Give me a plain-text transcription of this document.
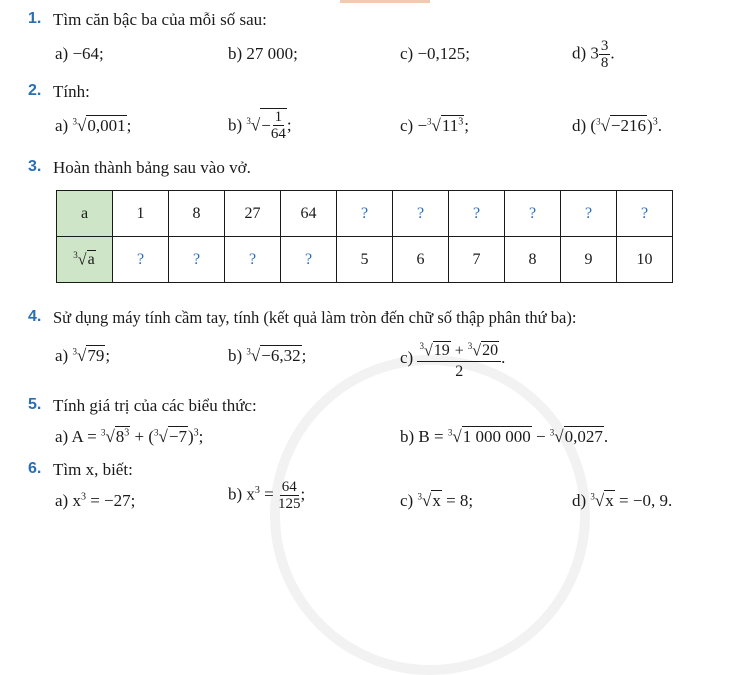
1. Tìm căn bậc ba của mỗi số sau:
a) −64;	b) 27 000;	c) −0,125;	d) $3 \frac{3}{8}$ .
2. Tính:
a) $^3$√0,001;	b) $^3√ - \frac{1}{64}$ ;	$c) -^3√11^3$;	d) $(^3√-216)^3$.
3. Hoàn thành bảng sau vào vở.
a	1	8	27	64	?	?	?	?	?	?
$^3$√a	?	?	?	?	5	6	7	8	9	10
4. Sử dụng máy tính cầm tay, tính (kết quả làm tròn đến chữ số thập phân thứ ba):
a) $^3$√79;	b) $^3$√−6,32;	$c) \frac{^3√19 + ^3√20}{2}$ .
5. Tính giá trị của các biểu thức:
a) $A = ^3√8^3 + (^3√-7)^3$;	b) B = $^3$√1 000 000 − $^3$√0,027.
6. Tìm x, biết:
a) $x^3 = -27$;	b) $x^3 = \frac{64}{125}$ ;	c) $^3$√x = 8;	d) $^3$√x = −0, 9.
